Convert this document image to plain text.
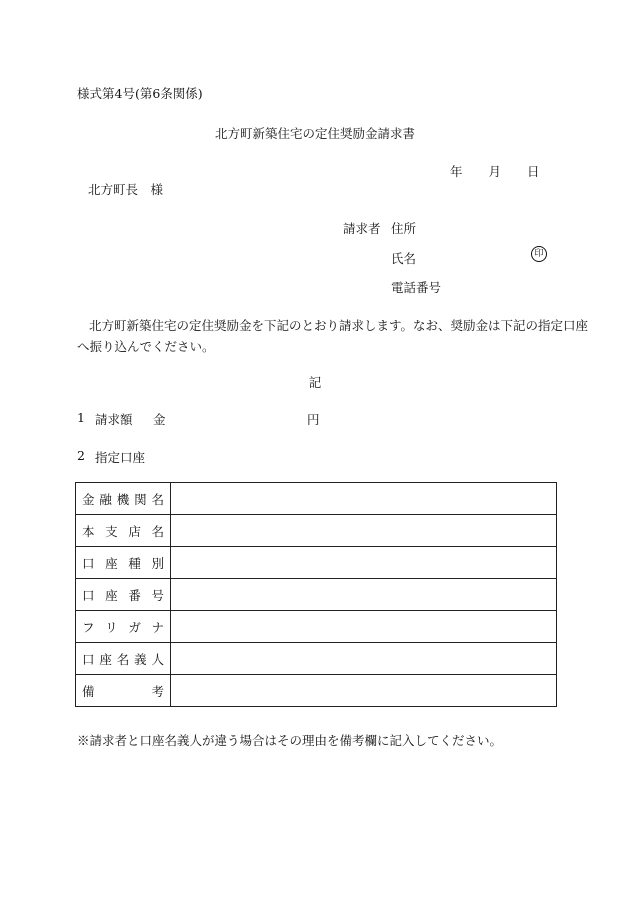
様式第4号(第6条関係)
北方町新築住宅の定住奨励金請求書
年 月 日
北方町長　様
請求者 住所
氏名	印
電話番号
北方町新築住宅の定住奨励金を下記のとおり請求します。なお、奨励金は下記の指定口座へ振り込んでください。
記
1 請求額 金	円
2 指定口座
金 融 機 関 名	

本 支 店 名	

口 座 種 別	

口 座 番 号	

フ リ ガ ナ	

口 座 名 義 人	

備 考	

※請求者と口座名義人が違う場合はその理由を備考欄に記入してください。
